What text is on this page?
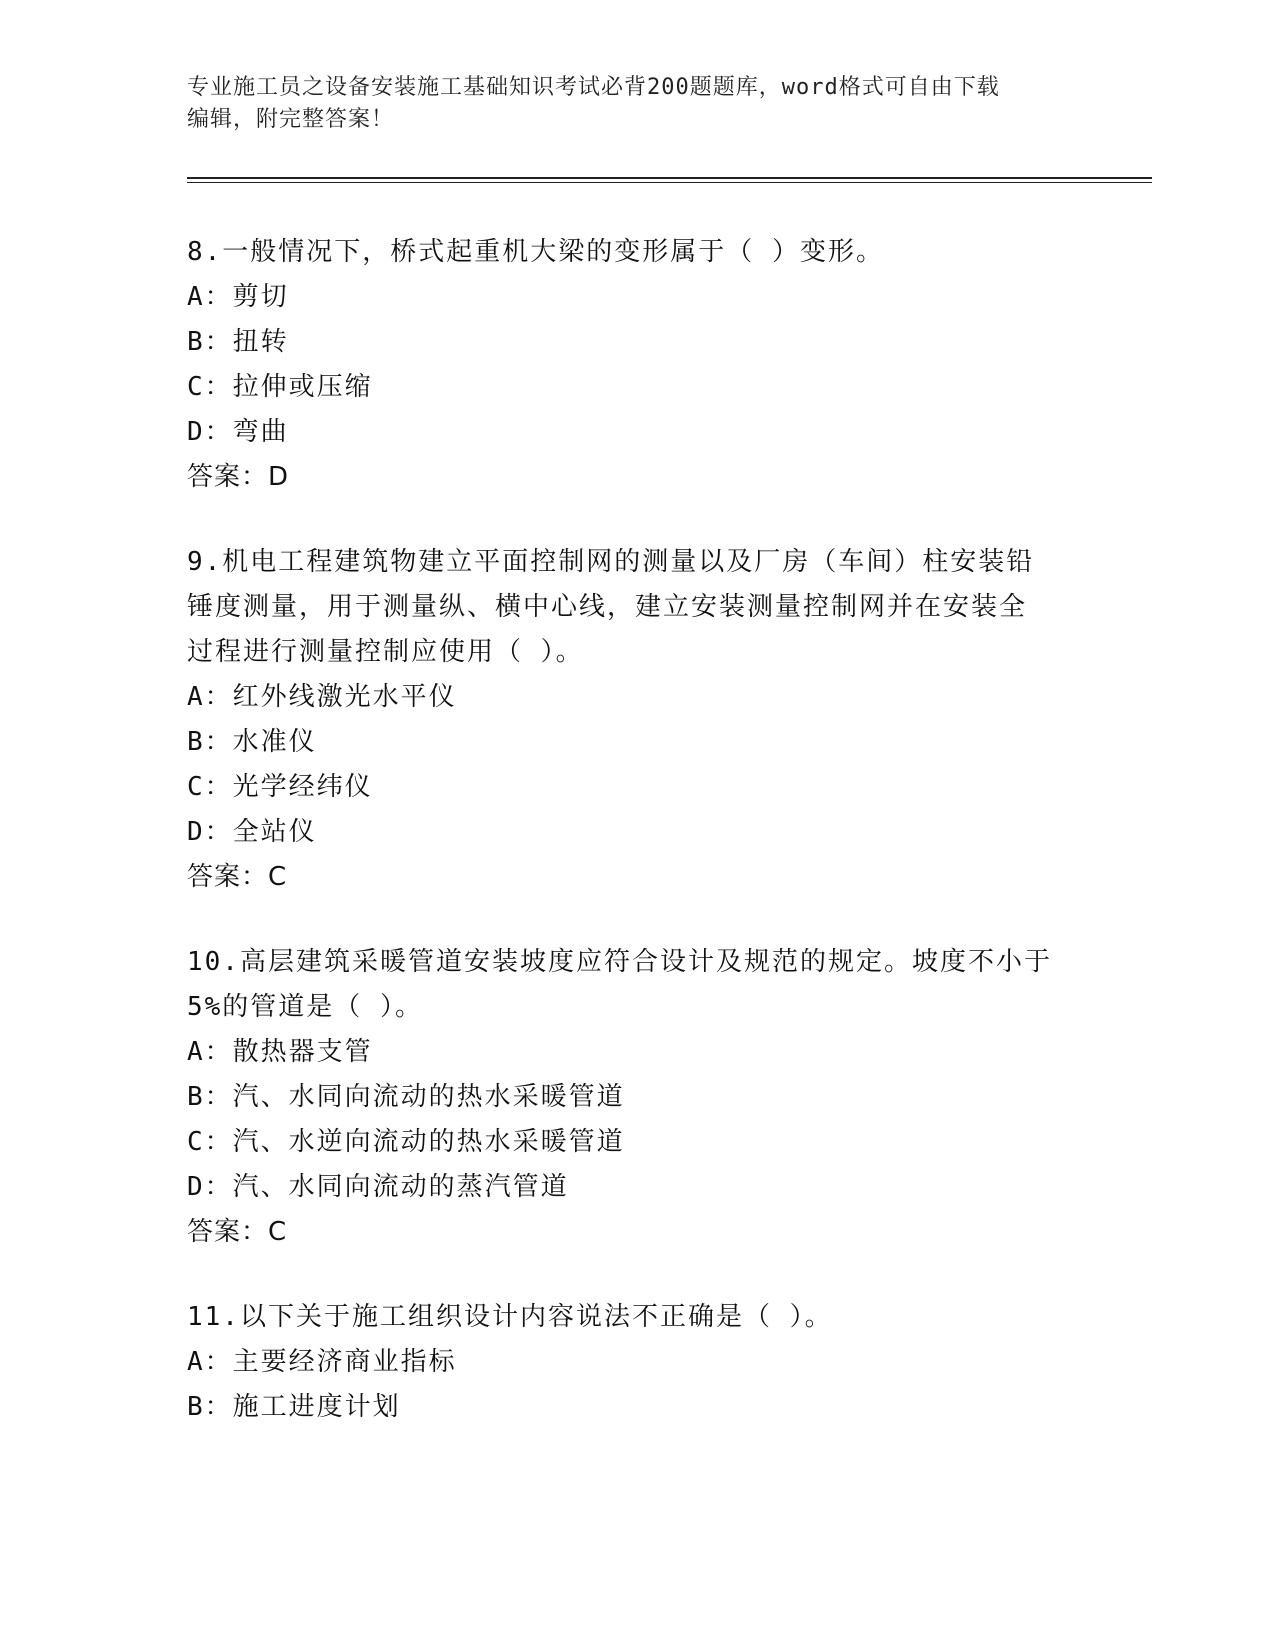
专业施工员之设备安装施工基础知识考试必背200题题库，word格式可自由下载
编辑，附完整答案！

8.一般情况下，桥式起重机大梁的变形属于（ ）变形。

A：剪切

B：扭转

C：拉伸或压缩

D：弯曲

答案：D

9.机电工程建筑物建立平面控制网的测量以及厂房（车间）柱安装铅

锤度测量，用于测量纵、横中心线，建立安装测量控制网并在安装全

过程进行测量控制应使用（ ）。

A：红外线激光水平仪

B：水准仪

C：光学经纬仪

D：全站仪

答案：C

10.高层建筑采暖管道安装坡度应符合设计及规范的规定。坡度不小于

5%的管道是（ ）。

A：散热器支管

B：汽、水同向流动的热水采暖管道

C：汽、水逆向流动的热水采暖管道

D：汽、水同向流动的蒸汽管道

答案：C

11.以下关于施工组织设计内容说法不正确是（ ）。

A：主要经济商业指标

B：施工进度计划
